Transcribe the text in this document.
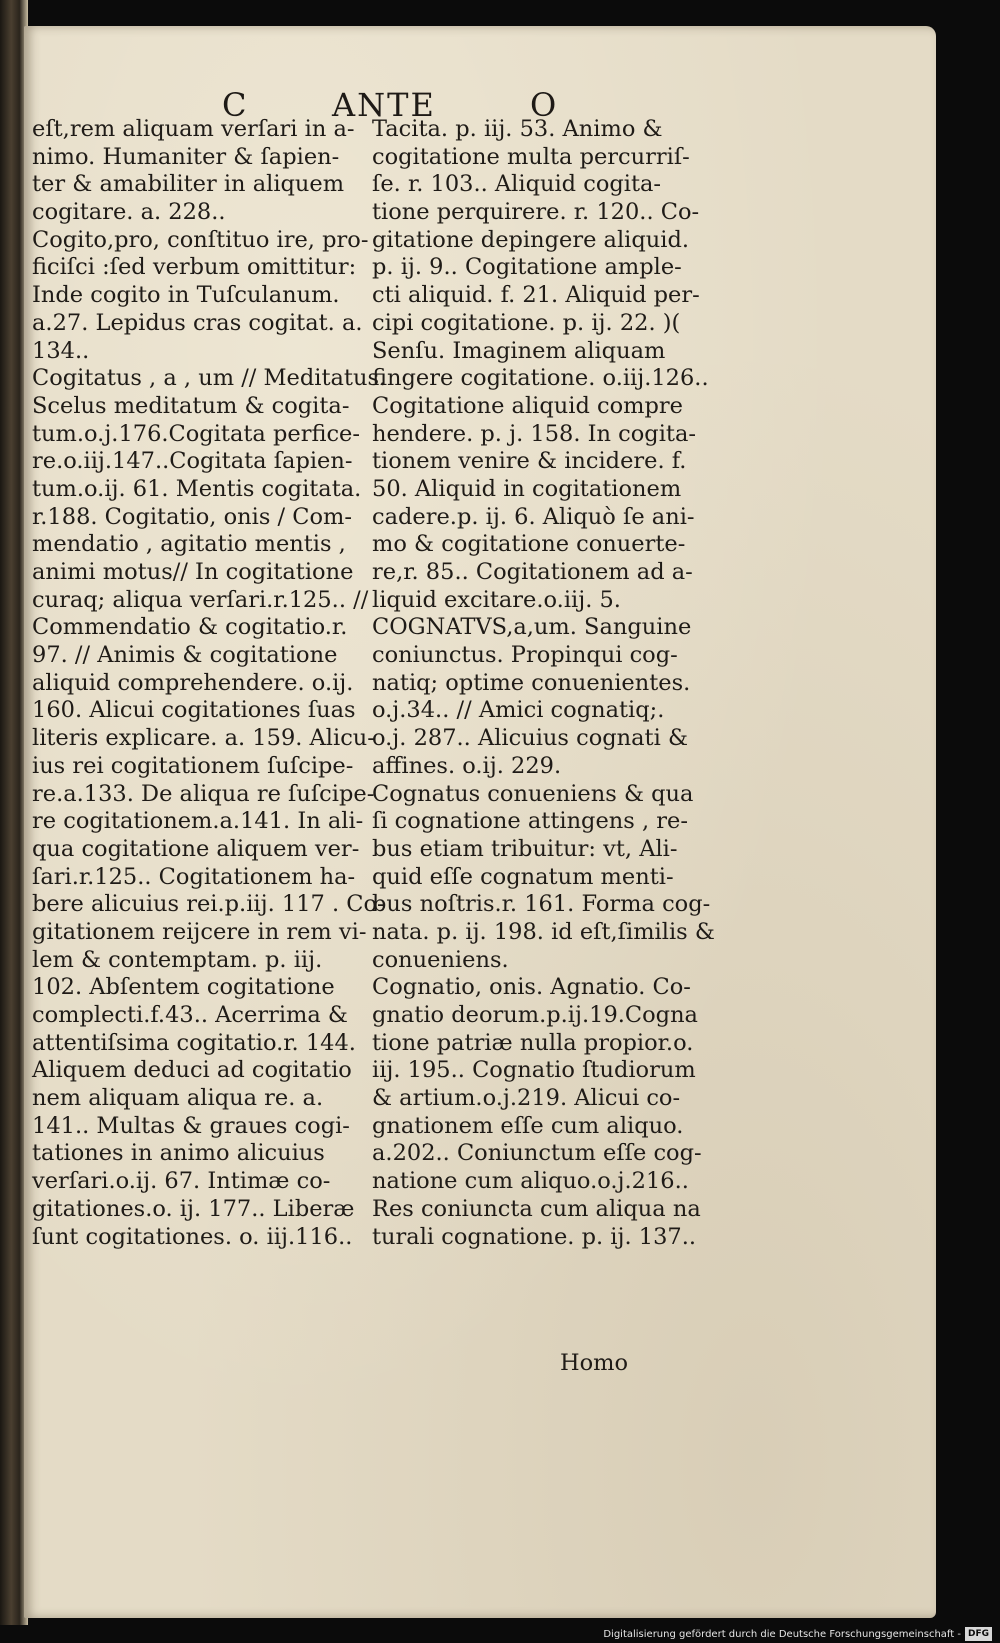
C	ANTE	O
eſt,rem aliquam verſari in a-
nimo. Humaniter & ſapien-
ter & amabiliter in aliquem
cogitare. a. 228..
Cogito,pro, conſtituo ire, pro-
ficiſci :ſed verbum omittitur:
Inde cogito in Tuſculanum.
a.27. Lepidus cras cogitat. a.
134..
Cogitatus , a , um // Meditatus.
Scelus meditatum & cogita-
tum.o.j.176.Cogitata perfice-
re.o.iij.147..Cogitata ſapien-
tum.o.ij. 61. Mentis cogitata.
r.188. Cogitatio, onis / Com-
mendatio , agitatio mentis ,
animi motus// In cogitatione
curaq; aliqua verſari.r.125.. //
Commendatio & cogitatio.r.
97. // Animis & cogitatione
aliquid comprehendere. o.ij.
160. Alicui cogitationes ſuas
literis explicare. a. 159. Alicu-
ius rei cogitationem ſuſcipe-
re.a.133. De aliqua re ſuſcipe-
re cogitationem.a.141. In ali-
qua cogitatione aliquem ver-
ſari.r.125.. Cogitationem ha-
bere alicuius rei.p.iij. 117 . Co-
gitationem reijcere in rem vi-
lem & contemptam. p. iij.
102. Abſentem cogitatione
complecti.f.43.. Acerrima &
attentiſsima cogitatio.r. 144.
Aliquem deduci ad cogitatio
nem aliquam aliqua re. a.
141.. Multas & graues cogi-
tationes in animo alicuius
verſari.o.ij. 67. Intimæ co-
gitationes.o. ij. 177.. Liberæ
ſunt cogitationes. o. iij.116..
Tacita. p. iij. 53. Animo &
cogitatione multa percurriſ-
ſe. r. 103.. Aliquid cogita-
tione perquirere. r. 120.. Co-
gitatione depingere aliquid.
p. ij. 9.. Cogitatione ample-
cti aliquid. f. 21. Aliquid per-
cipi cogitatione. p. ij. 22. )(
Senſu. Imaginem aliquam
fingere cogitatione. o.iij.126..
Cogitatione aliquid compre
hendere. p. j. 158. In cogita-
tionem venire & incidere. f.
50. Aliquid in cogitationem
cadere.p. ij. 6. Aliquò ſe ani-
mo & cogitatione conuerte-
re,r. 85.. Cogitationem ad a-
liquid excitare.o.iij. 5.
COGNATVS,a,um. Sanguine
coniunctus. Propinqui cog-
natiq; optime conuenientes.
o.j.34.. // Amici cognatiq;.
o.j. 287.. Alicuius cognati &
affines. o.ij. 229.
Cognatus conueniens & qua
ſi cognatione attingens , re-
bus etiam tribuitur: vt, Ali-
quid eſſe cognatum menti-
bus noſtris.r. 161. Forma cog-
nata. p. ij. 198. id eſt,ſimilis &
conueniens.
Cognatio, onis. Agnatio. Co-
gnatio deorum.p.ij.19.Cogna
tione patriæ nulla propior.o.
iij. 195.. Cognatio ſtudiorum
& artium.o.j.219. Alicui co-
gnationem eſſe cum aliquo.
a.202.. Coniunctum eſſe cog-
natione cum aliquo.o.j.216..
Res coniuncta cum aliqua na
turali cognatione. p. ij. 137..
Homo
Digitalisierung gefördert durch die Deutsche Forschungsgemeinschaft - DFG
